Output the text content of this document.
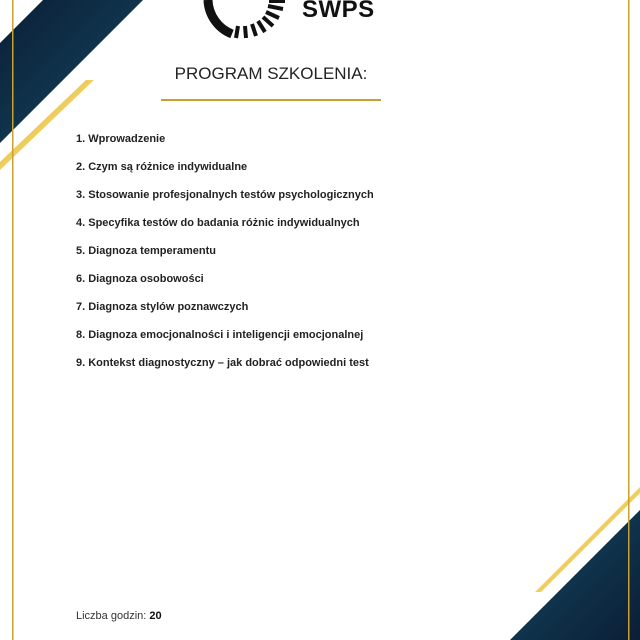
SWPS
PROGRAM SZKOLENIA:
1. Wprowadzenie
2. Czym są różnice indywidualne
3. Stosowanie profesjonalnych testów psychologicznych
4. Specyfika testów do badania różnic indywidualnych
5. Diagnoza temperamentu
6. Diagnoza osobowości
7. Diagnoza stylów poznawczych
8. Diagnoza emocjonalności i inteligencji emocjonalnej
9. Kontekst diagnostyczny – jak dobrać odpowiedni test
Liczba godzin: 20
